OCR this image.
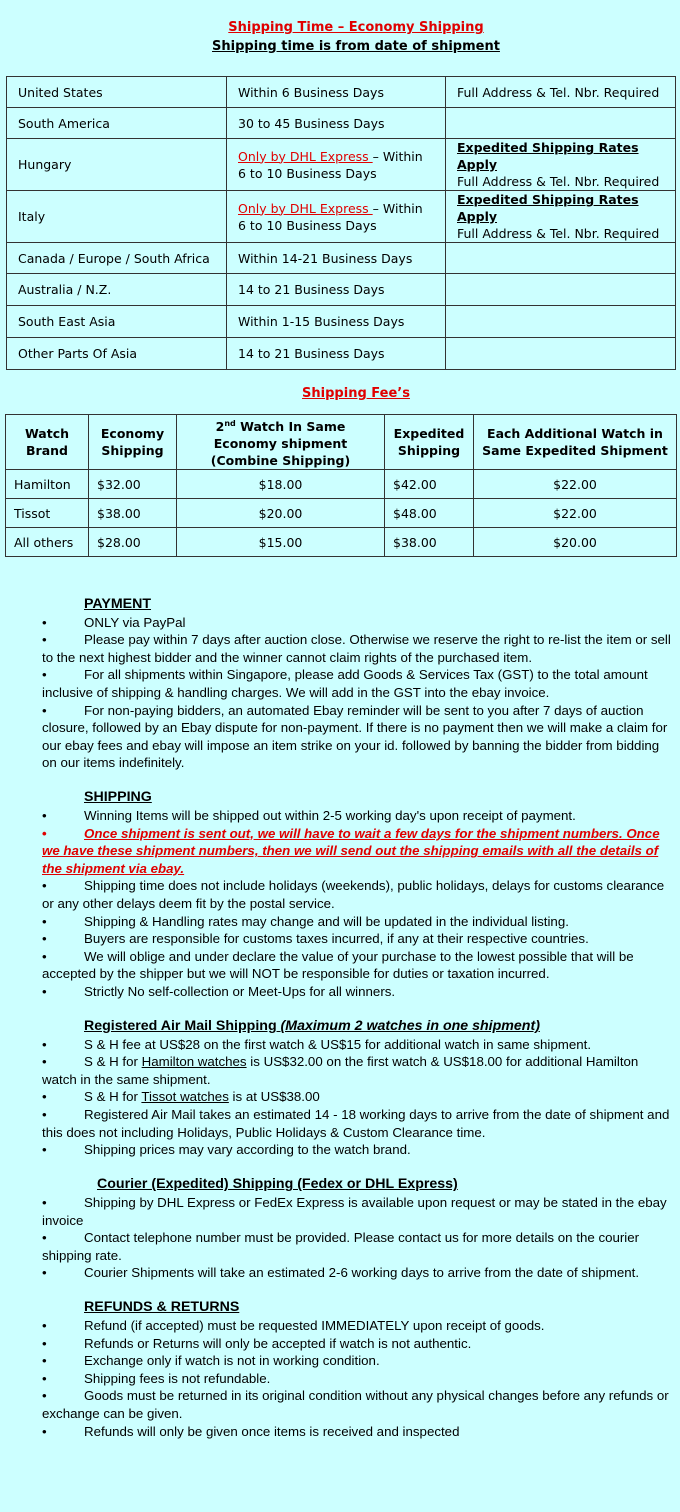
Shipping Time – Economy Shipping
Shipping time is from date of shipment
United States	Within 6 Business Days	Full Address & Tel. Nbr. Required
South America	30 to 45 Business Days	
Hungary	Only by DHL Express – Within 6 to 10 Business Days	Expedited Shipping Rates Apply
Full Address & Tel. Nbr. Required

Italy	Only by DHL Express – Within 6 to 10 Business Days	Expedited Shipping Rates Apply
Full Address & Tel. Nbr. Required

Canada / Europe / South Africa	Within 14-21 Business Days	
Australia / N.Z.	14 to 21 Business Days	
South East Asia	Within 1-15 Business Days	
Other Parts Of Asia	14 to 21 Business Days	
Shipping Fee’s
Watch Brand	Economy Shipping	2nd Watch In Same Economy shipment (Combine Shipping)	Expedited Shipping	Each Additional Watch in Same Expedited Shipment
Hamilton	$32.00	$18.00	$42.00	$22.00
Tissot	$38.00	$20.00	$48.00	$22.00
All others	$28.00	$15.00	$38.00	$20.00
PAYMENT
•	ONLY via PayPal
•	Please pay within 7 days after auction close. Otherwise we reserve the right to re-list the item or sell to the next highest bidder and the winner cannot claim rights of the purchased item.
•	For all shipments within Singapore, please add Goods & Services Tax (GST) to the total amount inclusive of shipping & handling charges. We will add in the GST into the ebay invoice.
•	For non-paying bidders, an automated Ebay reminder will be sent to you after 7 days of auction closure, followed by an Ebay dispute for non-payment. If there is no payment then we will make a claim for our ebay fees and ebay will impose an item strike on your id. followed by banning the bidder from bidding on our items indefinitely.
SHIPPING
•	Winning Items will be shipped out within 2-5 working day's upon receipt of payment.
•	Once shipment is sent out, we will have to wait a few days for the shipment numbers. Once we have these shipment numbers, then we will send out the shipping emails with all the details of the shipment via ebay.
•	Shipping time does not include holidays (weekends), public holidays, delays for customs clearance or any other delays deem fit by the postal service.
•	Shipping & Handling rates may change and will be updated in the individual listing.
•	Buyers are responsible for customs taxes incurred, if any at their respective countries.
•	We will oblige and under declare the value of your purchase to the lowest possible that will be accepted by the shipper but we will NOT be responsible for duties or taxation incurred.
•	Strictly No self-collection or Meet-Ups for all winners.
Registered Air Mail Shipping (Maximum 2 watches in one shipment)
•	S & H fee at US$28 on the first watch & US$15 for additional watch in same shipment.
•	S & H for Hamilton watches is US$32.00 on the first watch & US$18.00 for additional Hamilton watch in the same shipment.
•	S & H for Tissot watches is at US$38.00
•	Registered Air Mail takes an estimated 14 - 18 working days to arrive from the date of shipment and this does not including Holidays, Public Holidays & Custom Clearance time.
•	Shipping prices may vary according to the watch brand.
Courier (Expedited) Shipping (Fedex or DHL Express)
•	Shipping by DHL Express or FedEx Express is available upon request or may be stated in the ebay invoice
•	Contact telephone number must be provided. Please contact us for more details on the courier shipping rate.
•	Courier Shipments will take an estimated 2-6 working days to arrive from the date of shipment.
REFUNDS & RETURNS
•	Refund (if accepted) must be requested IMMEDIATELY upon receipt of goods.
•	Refunds or Returns will only be accepted if watch is not authentic.
•	Exchange only if watch is not in working condition.
•	Shipping fees is not refundable.
•	Goods must be returned in its original condition without any physical changes before any refunds or exchange can be given.
•	Refunds will only be given once items is received and inspected
